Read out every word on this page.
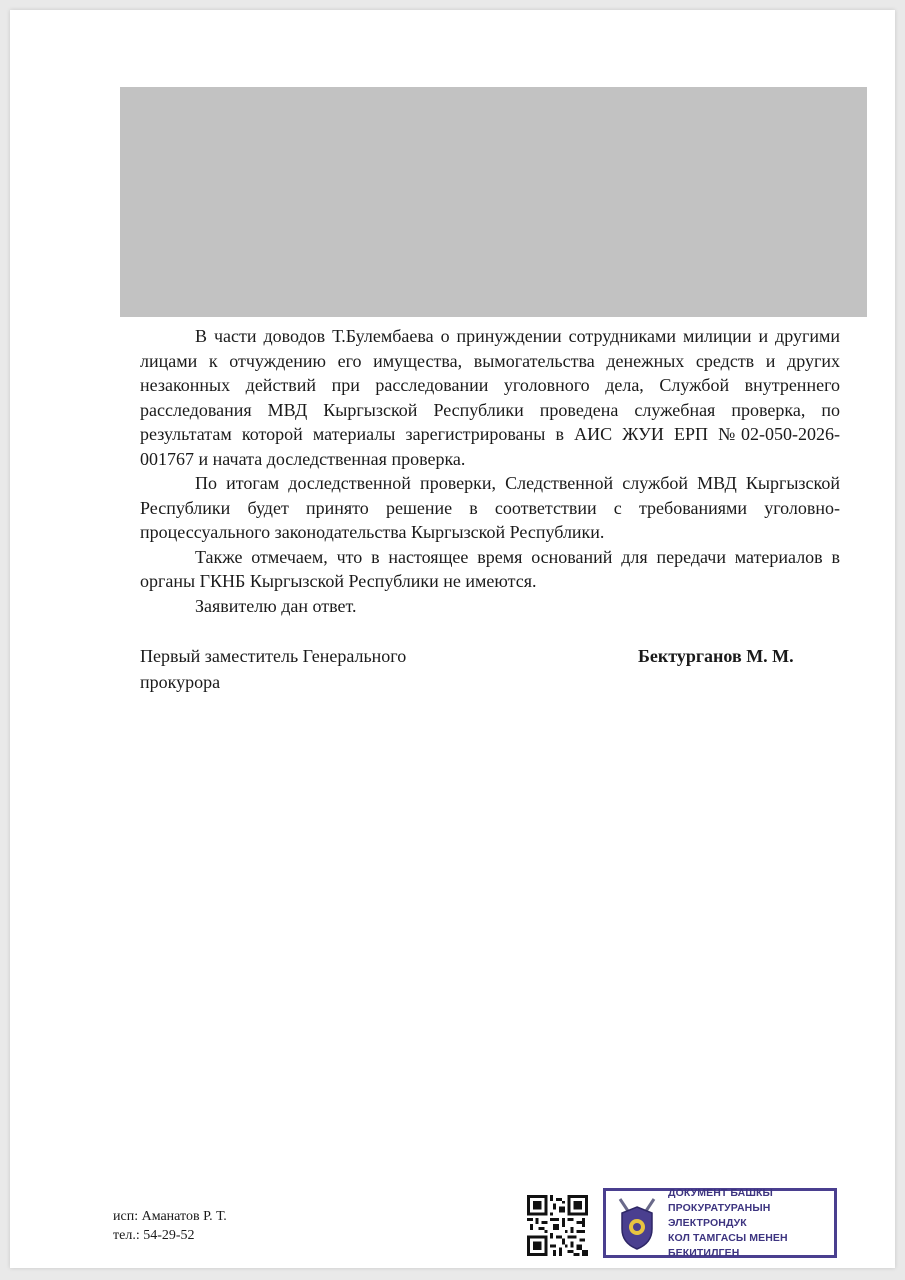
В части доводов Т.Булембаева о принуждении сотрудниками милиции и другими лицами к отчуждению его имущества, вымогательства денежных средств и других незаконных действий при расследовании уголовного дела, Службой внутреннего расследования МВД Кыргызской Республики проведена служебная проверка, по результатам которой материалы зарегистрированы в АИС ЖУИ ЕРП №02-050-2026-001767 и начата доследственная проверка.

По итогам доследственной проверки, Следственной службой МВД Кыргызской Республики будет принято решение в соответствии с требованиями уголовно-процессуального законодательства Кыргызской Республики.

Также отмечаем, что в настоящее время оснований для передачи материалов в органы ГКНБ Кыргызской Республики не имеются.

Заявителю дан ответ.

Первый заместитель Генерального
прокурора
Бектурганов М. М.
исп: Аманатов Р. Т.
тел.: 54-29-52
ДОКУМЕНТ БАШКЫ
ПРОКУРАТУРАНЫН ЭЛЕКТРОНДУК
КОЛ ТАМГАСЫ МЕНЕН БЕКИТИЛГЕН
